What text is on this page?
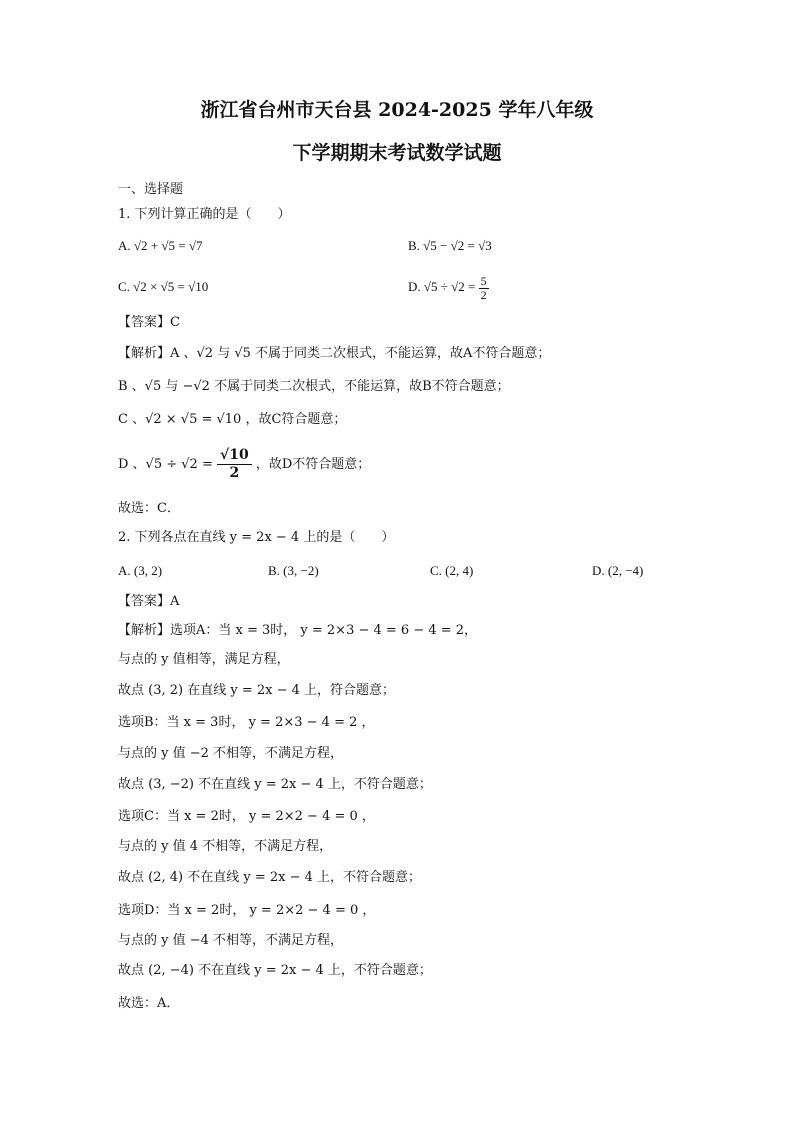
浙江省台州市天台县 2024-2025 学年八年级
下学期期末考试数学试题
一、选择题
1. 下列计算正确的是（　　）
A. √2 + √5 = √7	B. √5 − √2 = √3
C. √2 × √5 = √10	D. $√5 \div √2 = \frac{5}{2}$
【答案】C
【解析】A 、√2 与 √5 不属于同类二次根式，不能运算，故A不符合题意；
B 、√5 与 −√2 不属于同类二次根式，不能运算，故B不符合题意；
C 、√2 × √5 = √10 ，故C符合题意；
D 、$√5 \div √2 = \frac{√10}{2}$ ，故D不符合题意；
故选：C．
2. 下列各点在直线 y = 2x − 4 上的是（　　）
A. (3, 2)	B. (3, −2)	C. (2, 4)	D. (2, −4)
【答案】A
【解析】选项A：当 x = 3时， y = 2×3 − 4 = 6 − 4 = 2，
与点的 y 值相等，满足方程，
故点 (3, 2) 在直线 y = 2x − 4 上，符合题意；
选项B：当 x = 3时， y = 2×3 − 4 = 2 ，
与点的 y 值 −2 不相等，不满足方程，
故点 (3, −2) 不在直线 y = 2x − 4 上，不符合题意；
选项C：当 x = 2时， y = 2×2 − 4 = 0 ，
与点的 y 值 4 不相等，不满足方程，
故点 (2, 4) 不在直线 y = 2x − 4 上，不符合题意；
选项D：当 x = 2时， y = 2×2 − 4 = 0 ，
与点的 y 值 −4 不相等，不满足方程，
故点 (2, −4) 不在直线 y = 2x − 4 上，不符合题意；
故选：A．
